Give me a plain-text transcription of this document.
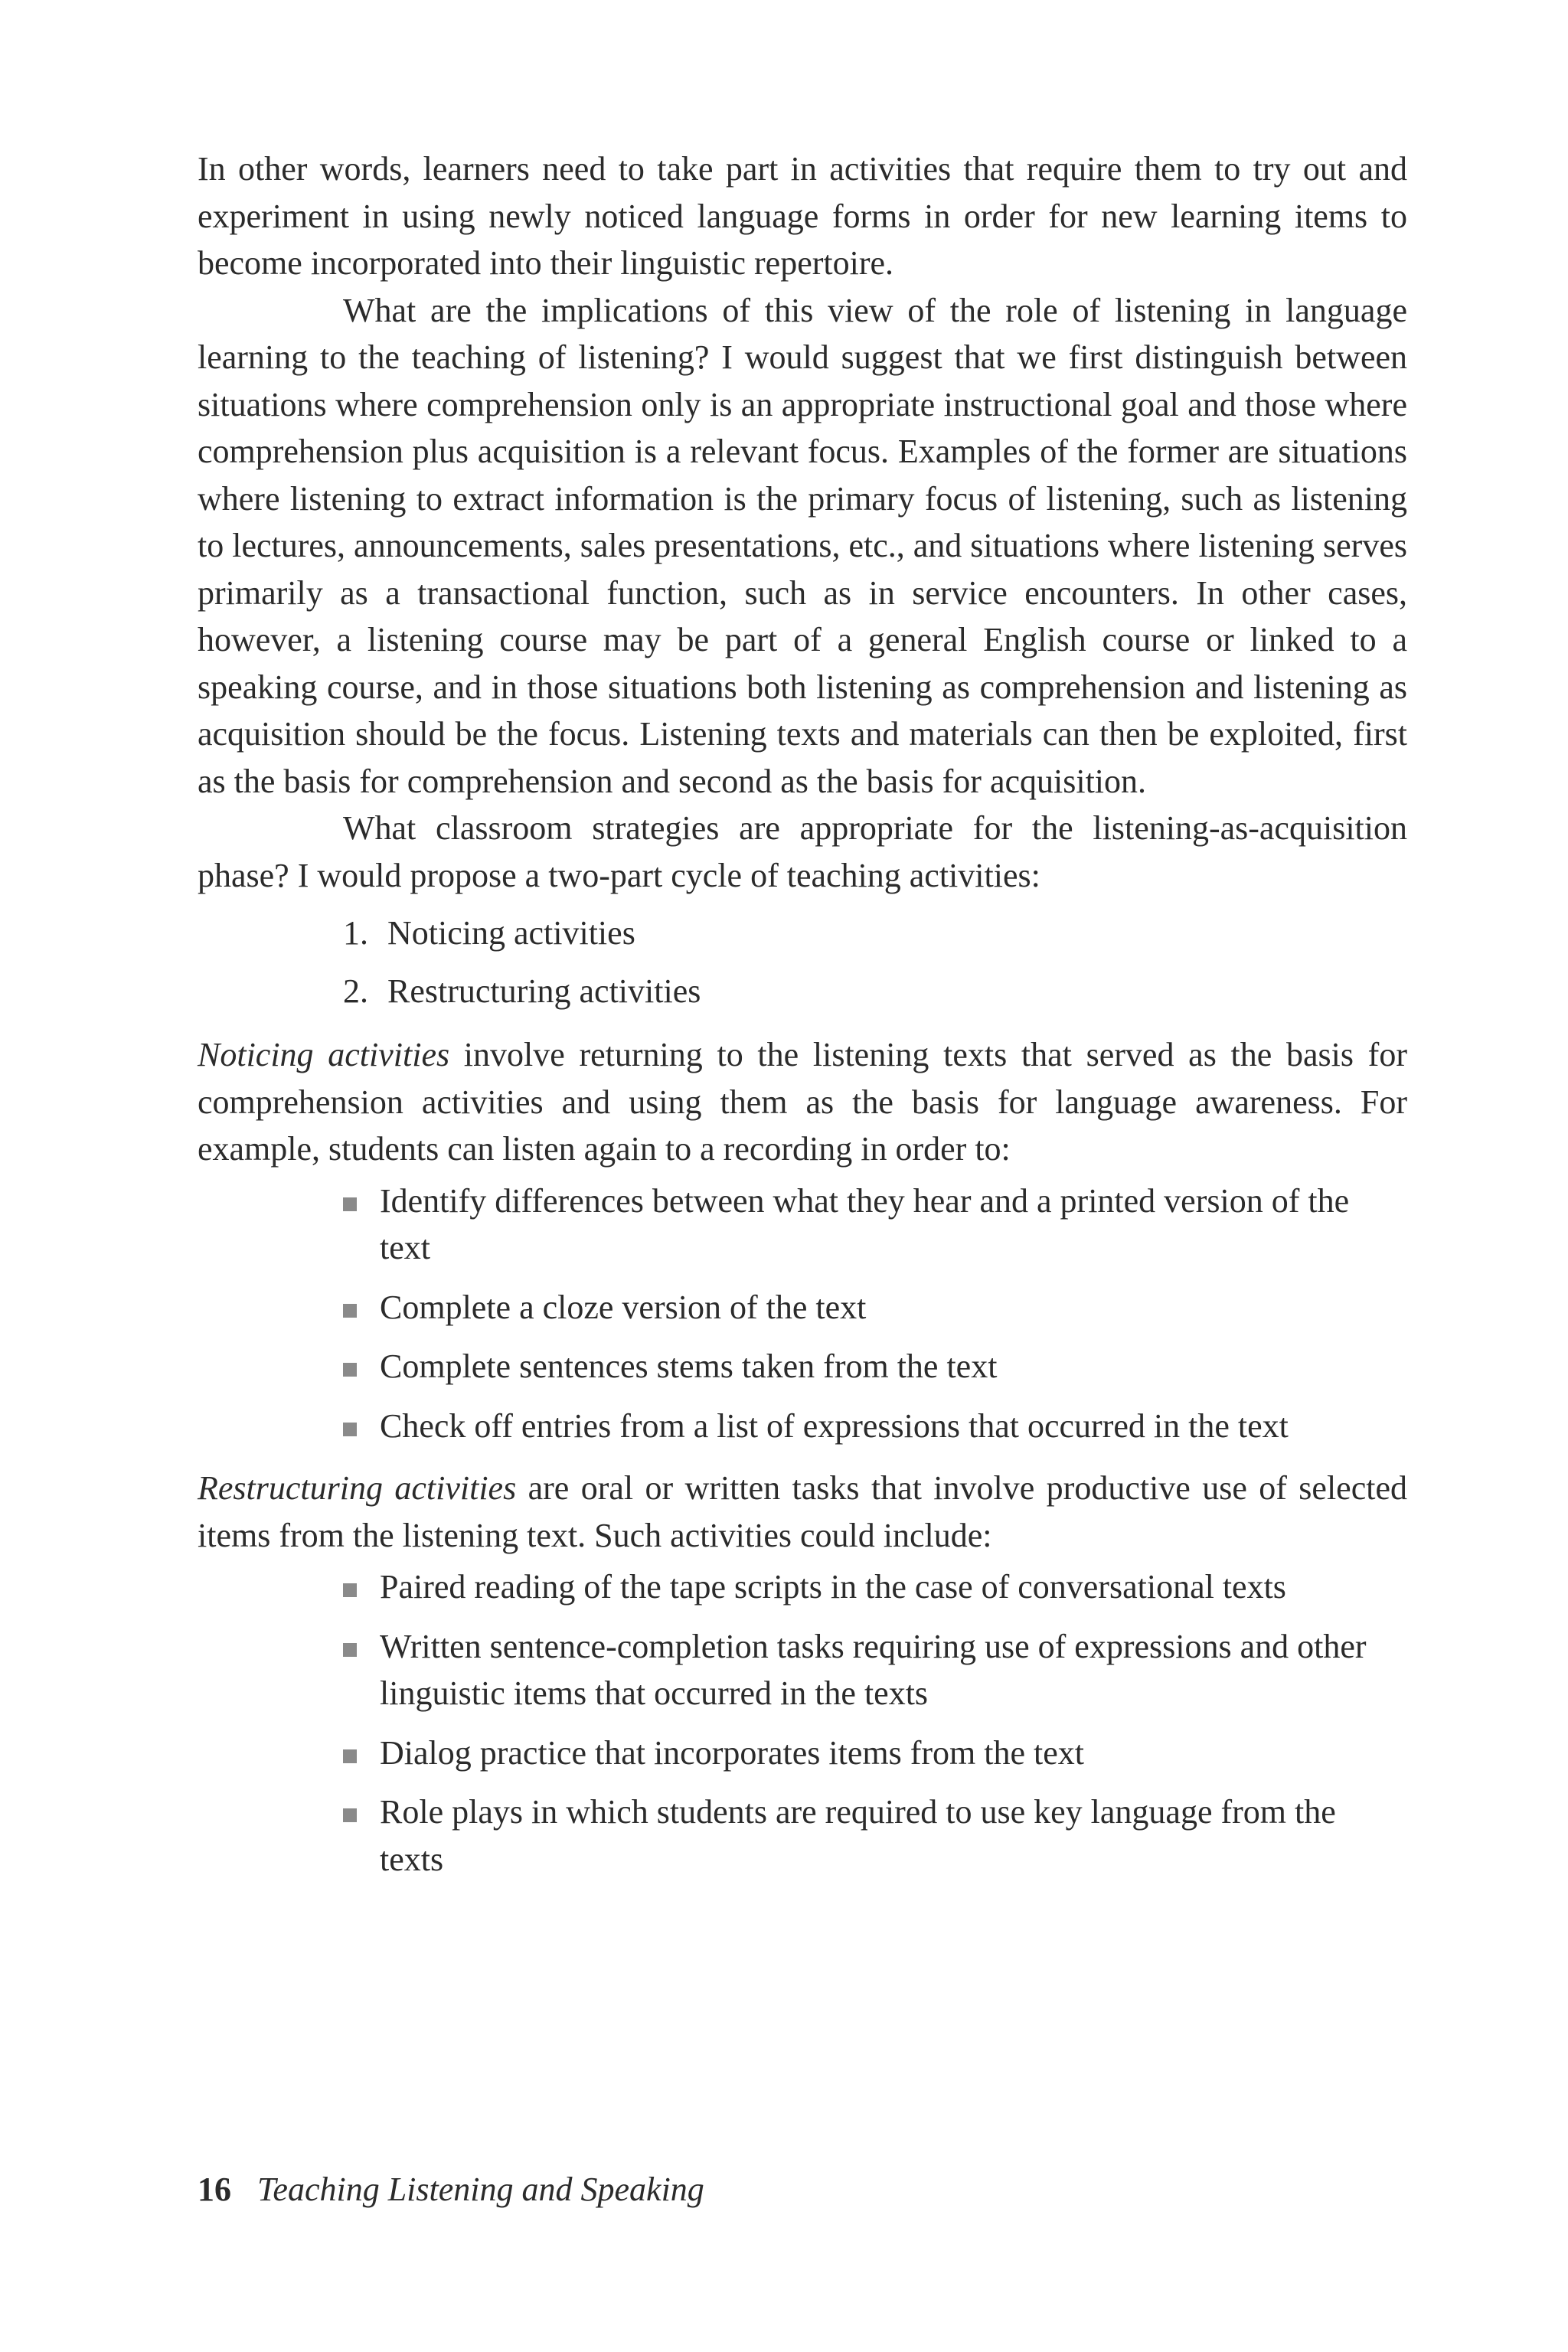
In other words, learners need to take part in activities that require them to try out and experiment in using newly noticed language forms in order for new learning items to become incorporated into their linguistic repertoire.

What are the implications of this view of the role of listening in language learning to the teaching of listening? I would suggest that we first distinguish between situations where comprehension only is an appropriate instructional goal and those where comprehension plus acquisition is a relevant focus. Examples of the former are situations where listening to extract information is the primary focus of listening, such as listening to lectures, announcements, sales presentations, etc., and situations where listening serves primarily as a transactional function, such as in service encounters. In other cases, however, a listening course may be part of a general English course or linked to a speaking course, and in those situations both listening as comprehension and listening as acquisition should be the focus. Listening texts and materials can then be exploited, first as the basis for comprehension and second as the basis for acquisition.

What classroom strategies are appropriate for the listening-as-acquisition phase? I would propose a two-part cycle of teaching activities:

1. Noticing activities
2. Restructuring activities

Noticing activities involve returning to the listening texts that served as the basis for comprehension activities and using them as the basis for language awareness. For example, students can listen again to a recording in order to:

Identify differences between what they hear and a printed version of the text
Complete a cloze version of the text
Complete sentences stems taken from the text
Check off entries from a list of expressions that occurred in the text

Restructuring activities are oral or written tasks that involve productive use of selected items from the listening text. Such activities could include:

Paired reading of the tape scripts in the case of conversational texts
Written sentence-completion tasks requiring use of expressions and other linguistic items that occurred in the texts
Dialog practice that incorporates items from the text
Role plays in which students are required to use key language from the texts
16 Teaching Listening and Speaking
